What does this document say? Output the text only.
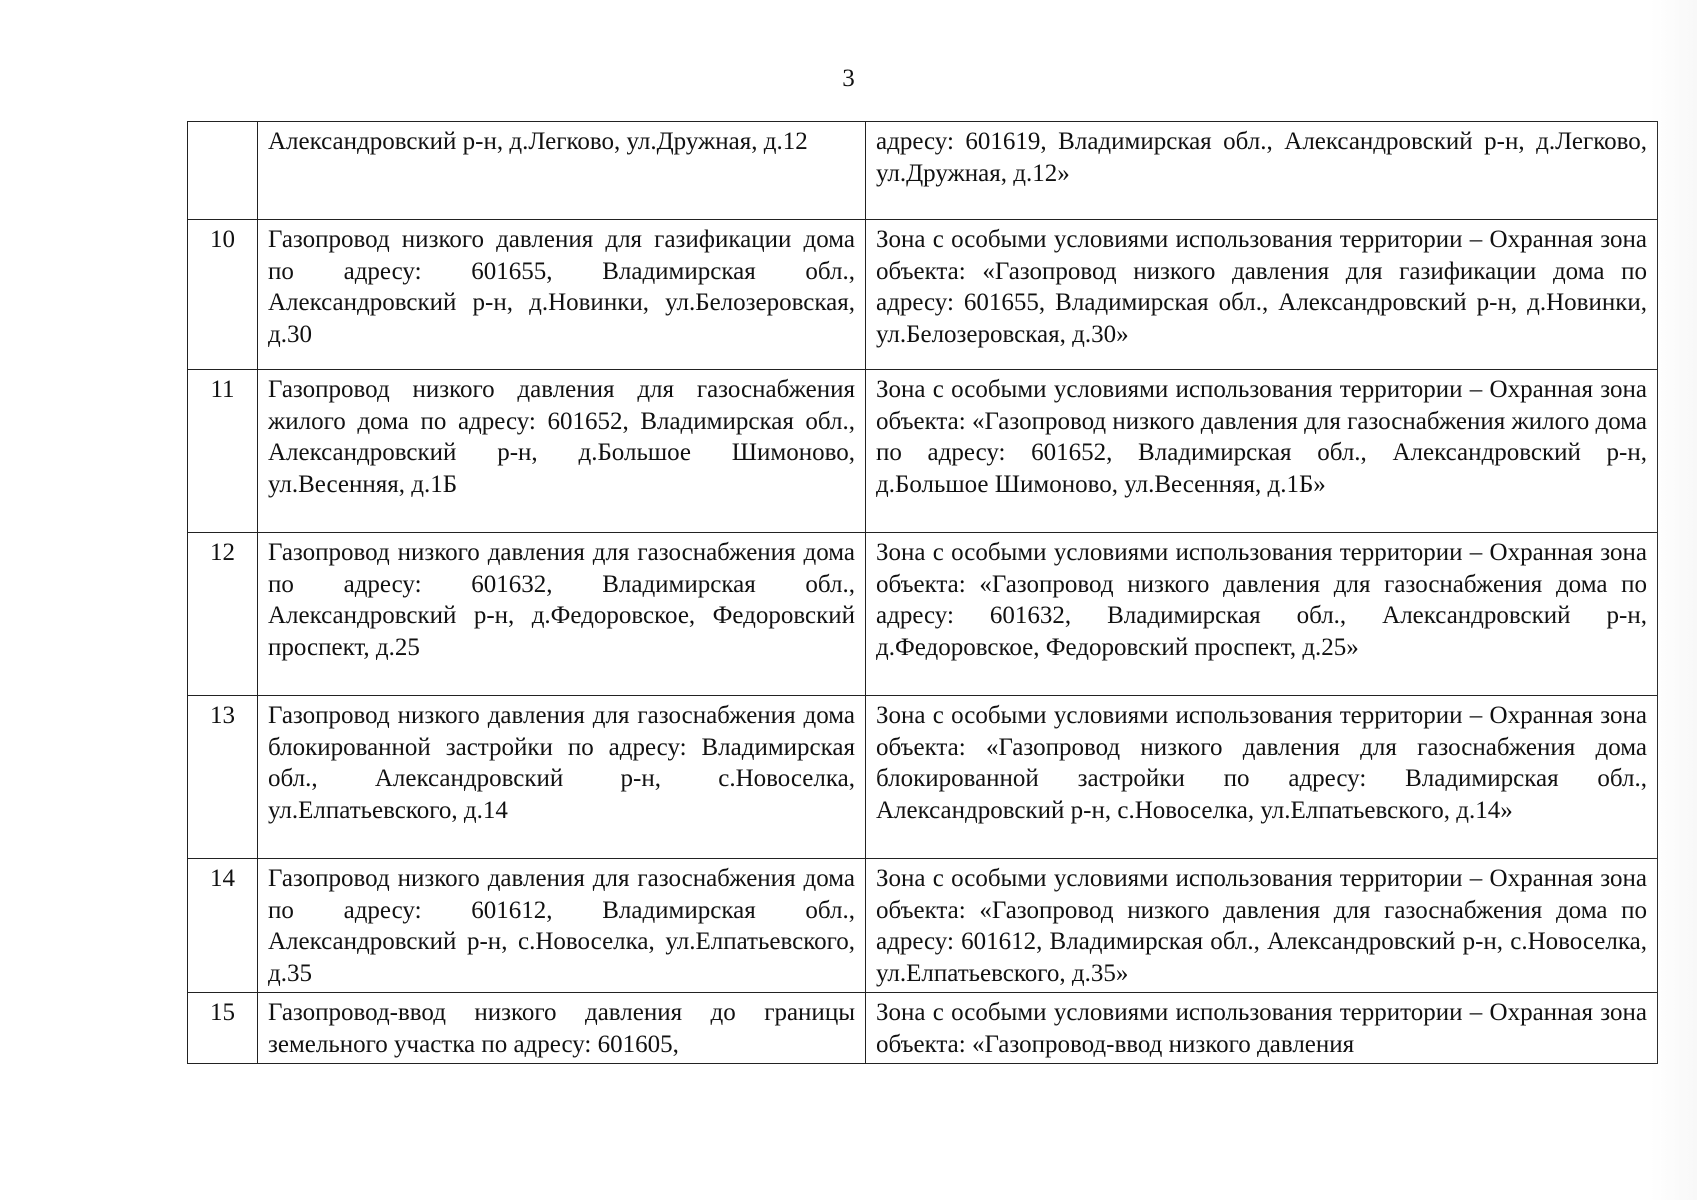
3
	Александровский р-н, д.Легково, ул.Дружная, д.12	адресу: 601619, Владимирская обл., Александровский р-н, д.Легково, ул.Дружная, д.12»
10	Газопровод низкого давления для газификации дома по адресу: 601655, Владимирская обл., Александровский р-н, д.Новинки, ул.Белозеровская, д.30	Зона с особыми условиями использования территории – Охранная зона объекта: «Газопровод низкого давления для газификации дома по адресу: 601655, Владимирская обл., Александровский р-н, д.Новинки, ул.Белозеровская, д.30»
11	Газопровод низкого давления для газоснабжения жилого дома по адресу: 601652, Владимирская обл., Александровский р-н, д.Большое Шимоново, ул.Весенняя, д.1Б	Зона с особыми условиями использования территории – Охранная зона объекта: «Газопровод низкого давления для газоснабжения жилого дома по адресу: 601652, Владимирская обл., Александровский р-н, д.Большое Шимоново, ул.Весенняя, д.1Б»
12	Газопровод низкого давления для газоснабжения дома по адресу: 601632, Владимирская обл., Александровский р-н, д.Федоровское, Федоровский проспект, д.25	Зона с особыми условиями использования территории – Охранная зона объекта: «Газопровод низкого давления для газоснабжения дома по адресу: 601632, Владимирская обл., Александровский р-н, д.Федоровское, Федоровский проспект, д.25»
13	Газопровод низкого давления для газоснабжения дома блокированной застройки по адресу: Владимирская обл., Александровский р-н, с.Новоселка, ул.Елпатьевского, д.14	Зона с особыми условиями использования территории – Охранная зона объекта: «Газопровод низкого давления для газоснабжения дома блокированной застройки по адресу: Владимирская обл., Александровский р-н, с.Новоселка, ул.Елпатьевского, д.14»
14	Газопровод низкого давления для газоснабжения дома по адресу: 601612, Владимирская обл., Александровский р-н, с.Новоселка, ул.Елпатьевского, д.35	Зона с особыми условиями использования территории – Охранная зона объекта: «Газопровод низкого давления для газоснабжения дома по адресу: 601612, Владимирская обл., Александровский р-н, с.Новоселка, ул.Елпатьевского, д.35»
15	Газопровод-ввод низкого давления до границы земельного участка по адресу: 601605,	Зона с особыми условиями использования территории – Охранная зона объекта: «Газопровод-ввод низкого давления
